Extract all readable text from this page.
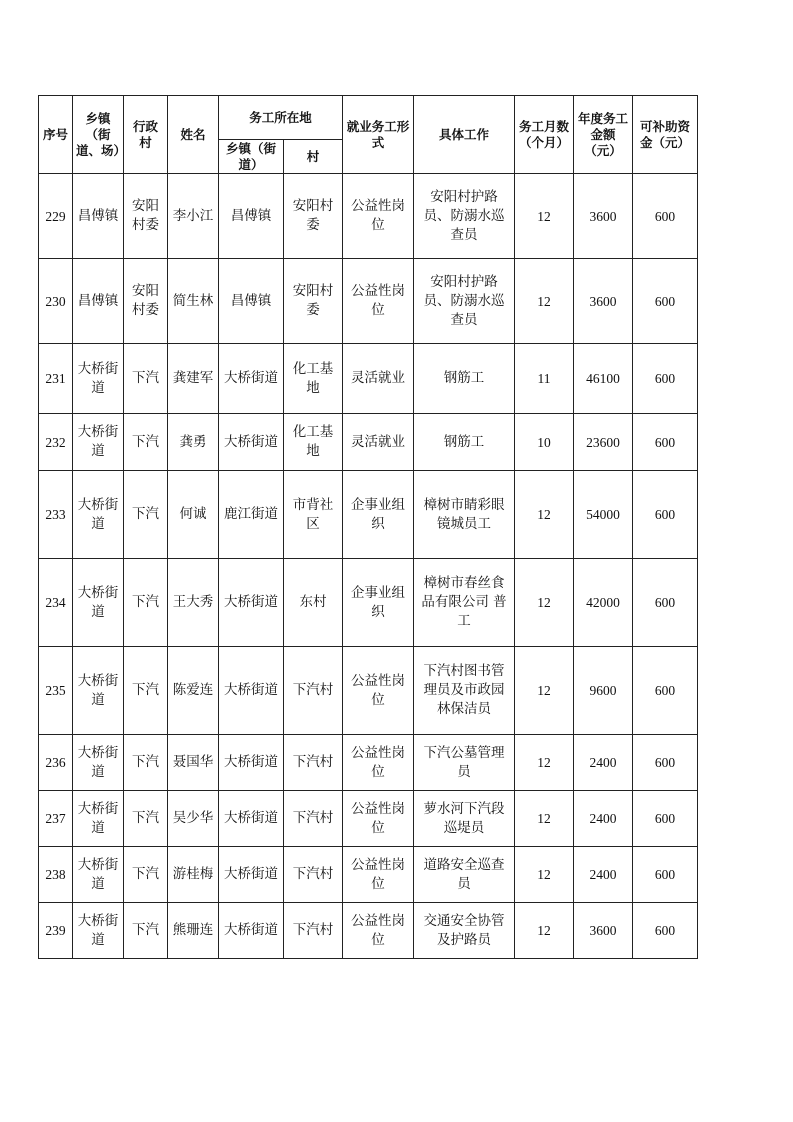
序号	乡镇（街道、场）	行政村	姓名	务工所在地		就业务工形式	具体工作	务工月数（个月）	年度务工金额（元）	可补助资金（元）
				乡镇（街道）	村					
229	昌傅镇	安阳村委	李小江	昌傅镇	安阳村委	公益性岗位	安阳村护路员、防溺水巡查员	12	3600	600
230	昌傅镇	安阳村委	简生林	昌傅镇	安阳村委	公益性岗位	安阳村护路员、防溺水巡查员	12	3600	600
231	大桥街道	下汽	龚建军	大桥街道	化工基地	灵活就业	钢筋工	11	46100	600
232	大桥街道	下汽	龚勇	大桥街道	化工基地	灵活就业	钢筋工	10	23600	600
233	大桥街道	下汽	何诚	鹿江街道	市背社区	企事业组织	樟树市睛彩眼镜城员工	12	54000	600
234	大桥街道	下汽	王大秀	大桥街道	东村	企事业组织	樟树市春丝食品有限公司 普工	12	42000	600
235	大桥街道	下汽	陈爱连	大桥街道	下汽村	公益性岗位	下汽村图书管理员及市政园林保洁员	12	9600	600
236	大桥街道	下汽	聂国华	大桥街道	下汽村	公益性岗位	下汽公墓管理员	12	2400	600
237	大桥街道	下汽	吴少华	大桥街道	下汽村	公益性岗位	萝水河下汽段巡堤员	12	2400	600
238	大桥街道	下汽	游桂梅	大桥街道	下汽村	公益性岗位	道路安全巡查员	12	2400	600
239	大桥街道	下汽	熊珊连	大桥街道	下汽村	公益性岗位	交通安全协管及护路员	12	3600	600
